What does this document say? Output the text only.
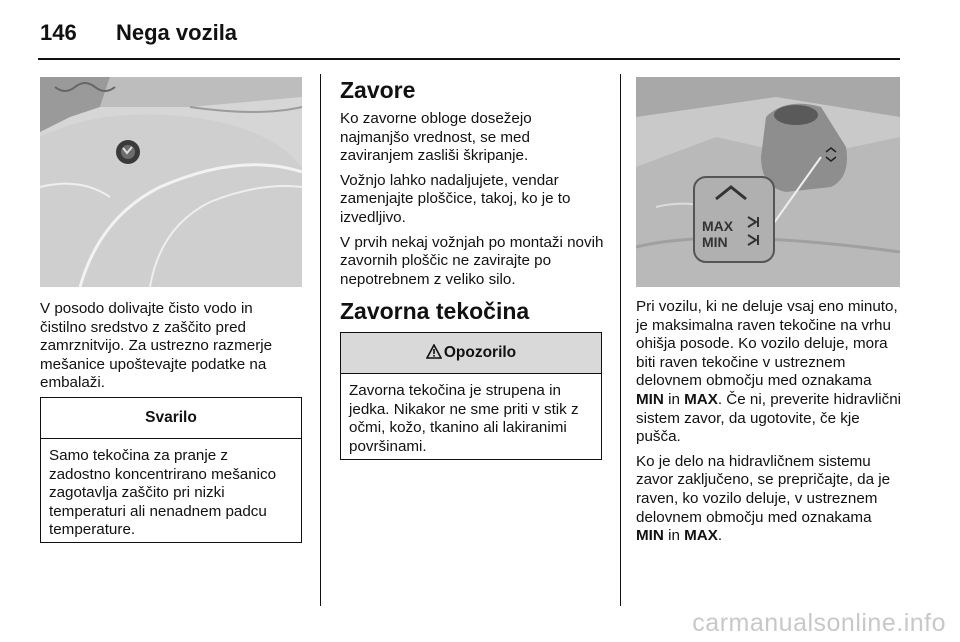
146 Nega vozila

V posodo dolivajte čisto vodo in čistilno sredstvo z zaščito pred zamrznitvijo. Za ustrezno razmerje mešanice upoštevajte podatke na embalaži.

Svarilo
Samo tekočina za pranje z zadostno koncentrirano mešanico zagotavlja zaščito pri nizki temperaturi ali nenadnem padcu temperature.
Zavore

Ko zavorne obloge dosežejo najmanjšo vrednost, se med zaviranjem zasliši škripanje.

Vožnjo lahko nadaljujete, vendar zamenjajte ploščice, takoj, ko je to izvedljivo.

V prvih nekaj vožnjah po montaži novih zavornih ploščic ne zavirajte po nepotrebnem z veliko silo.

Zavorna tekočina
Opozorilo
Zavorna tekočina je strupena in jedka. Nikakor ne sme priti v stik z očmi, kožo, tkanino ali lakiranimi površinami.
MAX
MIN

Pri vozilu, ki ne deluje vsaj eno minuto, je maksimalna raven tekočine na vrhu ohišja posode. Ko vozilo deluje, mora biti raven tekočine v ustreznem delovnem območju med oznakama MIN in MAX. Če ni, preverite hidravlični sistem zavor, da ugotovite, če kje pušča.

Ko je delo na hidravličnem sistemu zavor zaključeno, se prepričajte, da je raven, ko vozilo deluje, v ustreznem delovnem območju med oznakama MIN in MAX.

carmanualsonline.info
